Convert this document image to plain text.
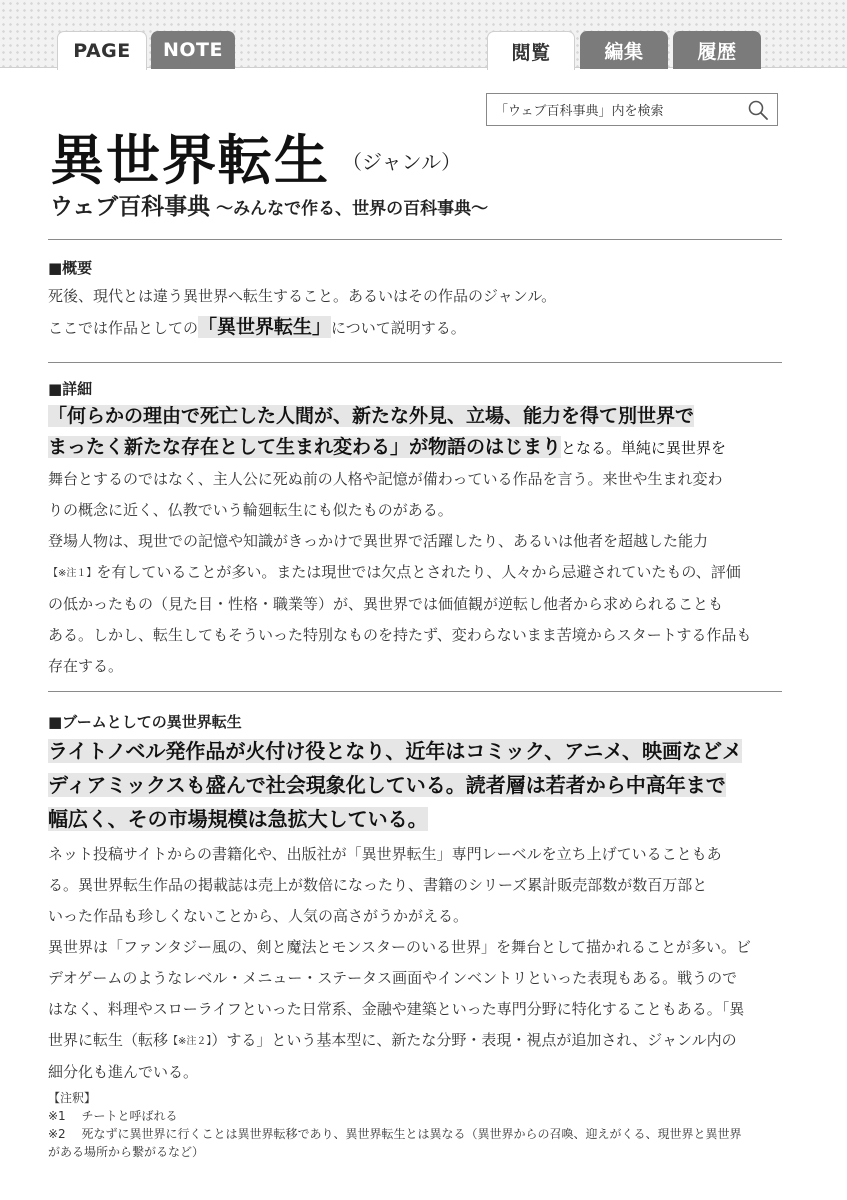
PAGE	NOTE	閲覧	編集	履歴
「ウェブ百科事典」内を検索
異世界転生 （ジャンル）
ウェブ百科事典 ～みんなで作る、世界の百科事典～
■概要
死後、現代とは違う異世界へ転生すること。あるいはその作品のジャンル。
ここでは作品としての「異世界転生」について説明する。
■詳細
「何らかの理由で死亡した人間が、新たな外見、立場、能力を得て別世界で
まったく新たな存在として生まれ変わる」が物語のはじまりとなる。単純に異世界を
舞台とするのではなく、主人公に死ぬ前の人格や記憶が備わっている作品を言う。来世や生まれ変わ
りの概念に近く、仏教でいう輪廻転生にも似たものがある。
登場人物は、現世での記憶や知識がきっかけで異世界で活躍したり、あるいは他者を超越した能力
【※注１】を有していることが多い。または現世では欠点とされたり、人々から忌避されていたもの、評価
の低かったもの（見た目・性格・職業等）が、異世界では価値観が逆転し他者から求められることも
ある。しかし、転生してもそういった特別なものを持たず、変わらないまま苦境からスタートする作品も
存在する。
■ブームとしての異世界転生
ライトノベル発作品が火付け役となり、近年はコミック、アニメ、映画などメ
ディアミックスも盛んで社会現象化している。読者層は若者から中高年まで
幅広く、その市場規模は急拡大している。
ネット投稿サイトからの書籍化や、出版社が「異世界転生」専門レーベルを立ち上げていることもあ
る。異世界転生作品の掲載誌は売上が数倍になったり、書籍のシリーズ累計販売部数が数百万部と
いった作品も珍しくないことから、人気の高さがうかがえる。
異世界は「ファンタジー風の、剣と魔法とモンスターのいる世界」を舞台として描かれることが多い。ビ
デオゲームのようなレベル・メニュー・ステータス画面やインベントリといった表現もある。戦うので
はなく、料理やスローライフといった日常系、金融や建築といった専門分野に特化することもある。「異
世界に転生（転移【※注２】）する」という基本型に、新たな分野・表現・視点が追加され、ジャンル内の
細分化も進んでいる。
【注釈】
※1　 チートと呼ばれる
※2　 死なずに異世界に行くことは異世界転移であり、異世界転生とは異なる（異世界からの召喚、迎えがくる、現世界と異世界
がある場所から繋がるなど）
